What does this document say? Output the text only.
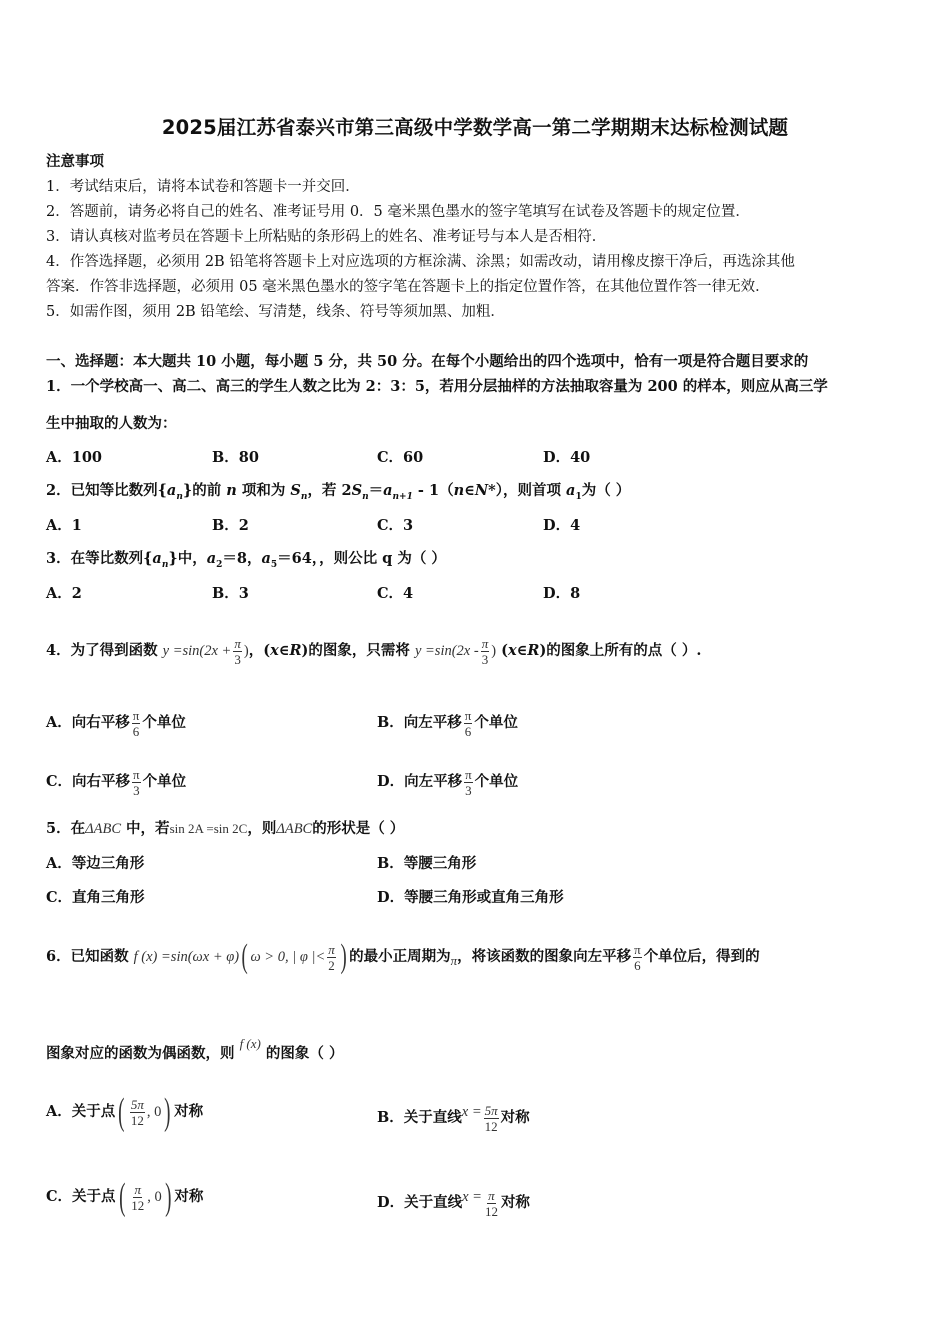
2025届江苏省泰兴市第三高级中学数学高一第二学期期末达标检测试题
注意事项
1．考试结束后，请将本试卷和答题卡一并交回．
2．答题前，请务必将自己的姓名、准考证号用 0．5 毫米黑色墨水的签字笔填写在试卷及答题卡的规定位置．
3．请认真核对监考员在答题卡上所粘贴的条形码上的姓名、准考证号与本人是否相符．
4．作答选择题，必须用 2B 铅笔将答题卡上对应选项的方框涂满、涂黑；如需改动，请用橡皮擦干净后，再选涂其他
答案．作答非选择题，必须用 05 毫米黑色墨水的签字笔在答题卡上的指定位置作答，在其他位置作答一律无效．
5．如需作图，须用 2B 铅笔绘、写清楚，线条、符号等须加黑、加粗．
一、选择题：本大题共 10 小题，每小题 5 分，共 50 分。在每个小题给出的四个选项中，恰有一项是符合题目要求的
1．一个学校高一、高二、高三的学生人数之比为 2：3：5，若用分层抽样的方法抽取容量为 200 的样本，则应从高三学
生中抽取的人数为：
A．100	B．80	C．60	D．40
2．已知等比数列$\{a_n\}$的前 n 项和为 $S_n$，若 $2S_n=a_{n+1}$ - 1（n∈N*），则首项 $a_1$为（ ）
A．1	B．2	C．3	D．4
3．在等比数列$\{a_n\}$中，$a_2=8$，$a_5=64$，，则公比 q 为（ ）
A．2	B．3	C．4	D．8
4．为了得到函数 $y =\sin(2x + \frac{\pi}{3}$ )，(x∈R)的图象，只需将 $y =\sin(2x - \frac{\pi}{3}$ ) (x∈R)的图象上所有的点（ ）.
A．向右平移 $\frac{\pi}{6}$ 个单位	B．向左平移 $\frac{\pi}{6}$ 个单位
C．向右平移 $\frac{\pi}{3}$ 个单位	D．向左平移 $\frac{\pi}{3}$ 个单位
5．在ΔABC 中，若sin 2A =sin 2C，则ΔABC的形状是（ ）
A．等边三角形	B．等腰三角形
C．直角三角形	D．等腰三角形或直角三角形
6．已知函数 f (x) =sin(ωx + φ)( ω > 0, | φ |< $\frac{\pi}{2}$ ) 的最小正周期为π，将该函数的图象向左平移 $\frac{\pi}{6}$ 个单位后，得到的
图象对应的函数为偶函数，则 f (x) 的图象（ ）
A．关于点( $\frac{5\pi}{12}$ , 0) 对称	B．关于直线$x = \frac{5\pi}{12}$ 对称
C．关于点( $\frac{\pi}{12}$ , 0) 对称	D．关于直线$x = \frac{\pi}{12}$ 对称
